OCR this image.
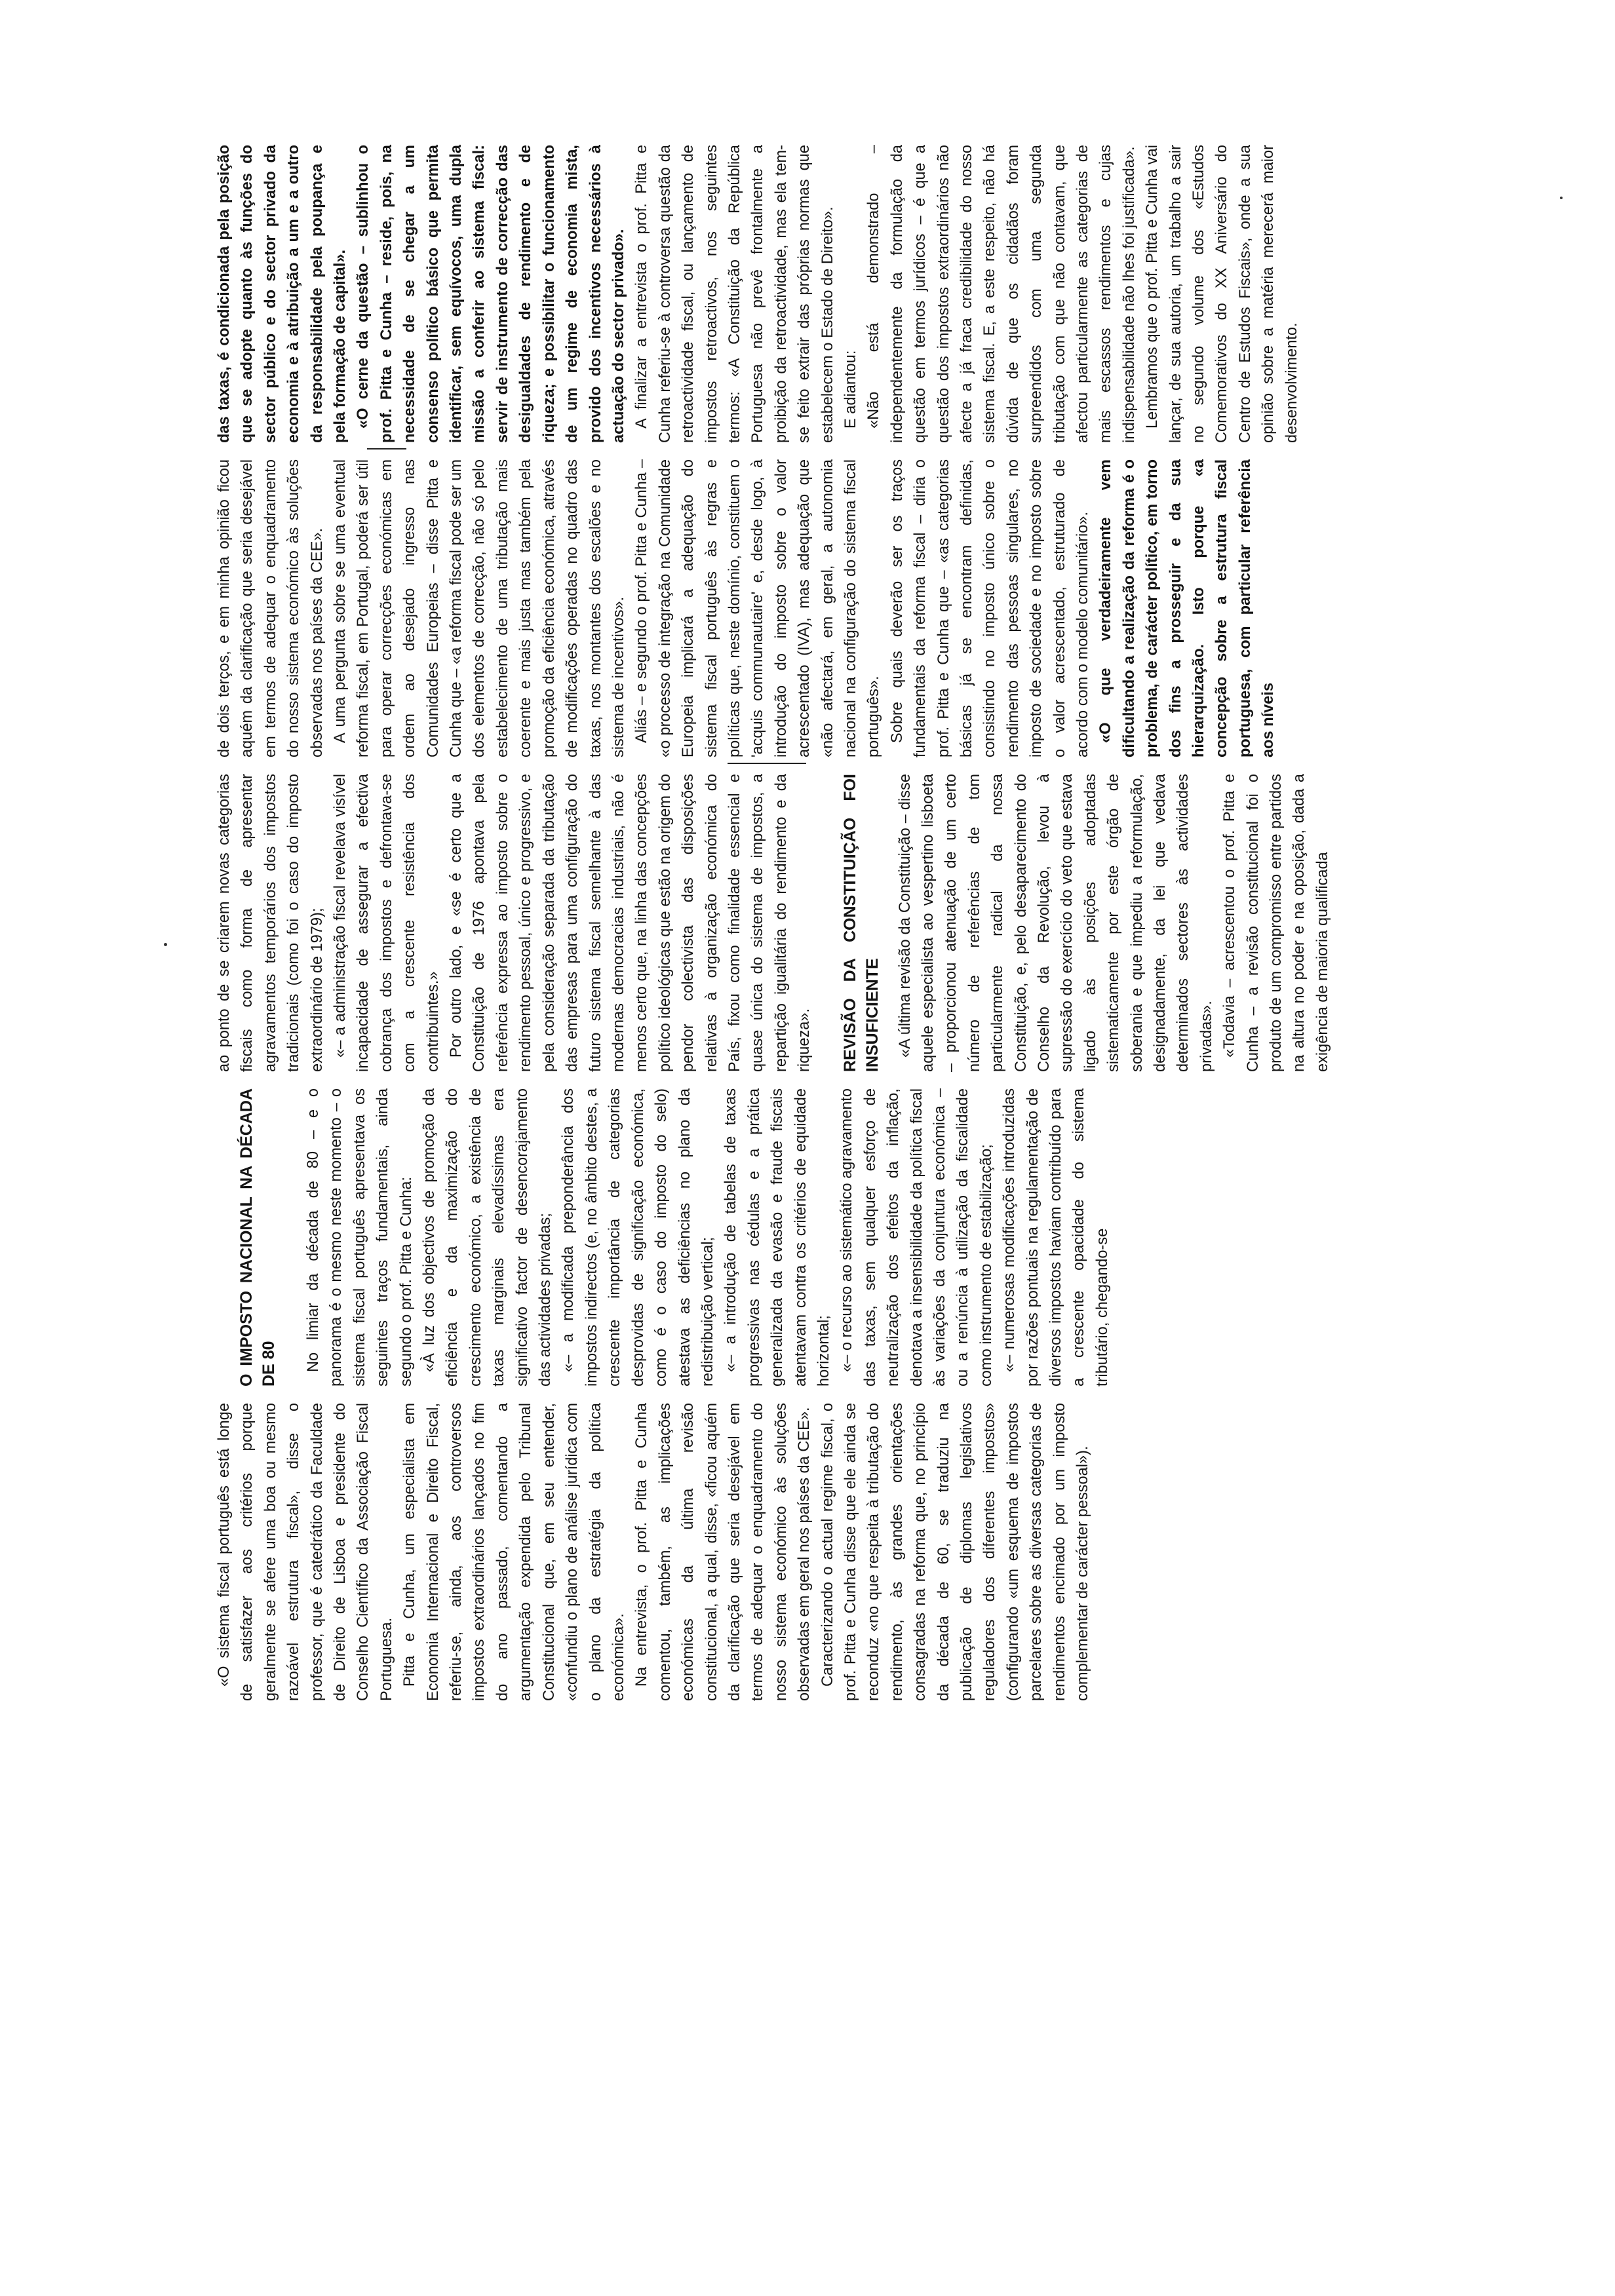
«O sistema fiscal português está longe de satisfazer aos critérios porque geralmente se afere uma boa ou mesmo razoável estrutura fiscal», disse o professor, que é catedrático da Faculdade de Direito de Lisboa e presidente do Conselho Científico da Associação Fiscal Portuguesa. Pitta e Cunha, um especialista em Economia Internacional e Direito Fiscal, referiu-se, ainda, aos controversos impostos extraordinários lançados no fim do ano passado, comentando a argumentação expendida pelo Tribunal Constitucional que, em seu entender, «confundiu o plano de análise jurídica com o plano da estratégia da política económica». Na entrevista, o prof. Pitta e Cunha comentou, também, as implicações económicas da última revisão constitucional, a qual, disse, «ficou aquém da clarificação que seria desejável em termos de adequar o enquadramento do nosso sistema económico às soluções observadas em geral nos países da CEE». Caracterizando o actual regime fiscal, o prof. Pitta e Cunha disse que ele ainda se reconduz «no que respeita à tributação do rendimento, às grandes orientações consagradas na reforma que, no princípio da década de 60, se traduziu na publicação de diplomas legislativos reguladores dos diferentes impostos» (configurando «um esquema de impostos parcelares sobre as diversas categorias de rendimentos encimado por um imposto complementar de carácter pessoal»).

O IMPOSTO NACIONAL NA DÉCADA DE 80 No limiar da década de 80 – e o panorama é o mesmo neste momento – o sistema fiscal português apresentava os seguintes traços fundamentais, ainda segundo o prof. Pitta e Cunha: «À luz dos objectivos de promoção da eficiência e da maximização do crescimento económico, a existência de taxas marginais elevadíssimas era significativo factor de desencorajamento das actividades privadas; «– a modificada preponderância dos impostos indirectos (e, no âmbito destes, a crescente importância de categorias desprovidas de significação económica, como é o caso do imposto do selo) atestava as deficiências no plano da redistribuição vertical; «– a introdução de tabelas de taxas progressivas nas cédulas e a prática generalizada da evasão e fraude fiscais atentavam contra os critérios de equidade horizontal; «– o recurso ao sistemático agravamento das taxas, sem qualquer esforço de neutralização dos efeitos da inflação, denotava a insensibilidade da política fiscal às variações da conjuntura económica – ou a renúncia à utilização da fiscalidade como instrumento de estabilização; «– numerosas modificações introduzidas por razões pontuais na regulamentação de diversos impostos haviam contribuído para a crescente opacidade do sistema tributário, chegando-se

ao ponto de se criarem novas categorias fiscais como forma de apresentar agravamentos temporários dos impostos tradicionais (como foi o caso do imposto extraordinário de 1979); «– a administração fiscal revelava visível incapacidade de assegurar a efectiva cobrança dos impostos e defrontava-se com a crescente resistência dos contribuintes.» Por outro lado, e «se é certo que a Constituição de 1976 apontava pela referência expressa ao imposto sobre o rendimento pessoal, único e progressivo, e pela consideração separada da tributação das empresas para uma configuração do futuro sistema fiscal semelhante à das modernas democracias industriais, não é menos certo que, na linha das concepções político ideológicas que estão na origem do pendor colectivista das disposições relativas à organização económica do País, fixou como finalidade essencial e quase única do sistema de impostos, a repartição igualitária do rendimento e da riqueza». REVISÃO DA CONSTITUIÇÃO FOI INSUFICIENTE «A última revisão da Constituição – disse aquele especialista ao vespertino lisboeta – proporcionou atenuação de um certo número de referências de tom particularmente radical da nossa Constituição, e, pelo desaparecimento do Conselho da Revolução, levou à supressão do exercício do veto que estava ligado às posições adoptadas sistematicamente por este órgão de soberania e que impediu a reformulação, designadamente, da lei que vedava determinados sectores às actividades privadas». «Todavia – acrescentou o prof. Pitta e Cunha – a revisão constitucional foi o produto de um compromisso entre partidos na altura no poder e na oposição, dada a exigência de maioria qualificada

de dois terços, e em minha opinião ficou aquém da clarificação que seria desejável em termos de adequar o enquadramento do nosso sistema económico às soluções observadas nos países da CEE». A uma pergunta sobre se uma eventual reforma fiscal, em Portugal, poderá ser útil para operar correcções económicas em ordem ao desejado ingresso nas Comunidades Europeias – disse Pitta e Cunha que – «a reforma fiscal pode ser um dos elementos de correcção, não só pelo estabelecimento de uma tributação mais coerente e mais justa mas também pela promoção da eficiência económica, através de modificações operadas no quadro das taxas, nos montantes dos escalões e no sistema de incentivos». Aliás – e segundo o prof. Pitta e Cunha – «o processo de integração na Comunidade Europeia implicará a adequação do sistema fiscal português às regras e políticas que, neste domínio, constituem o 'acquis communautaire' e, desde logo, à introdução do imposto sobre o valor acrescentado (IVA), mas adequação que «não afectará, em geral, a autonomia nacional na configuração do sistema fiscal português». Sobre quais deverão ser os traços fundamentais da reforma fiscal – diria o prof. Pitta e Cunha que – «as categorias básicas já se encontram definidas, consistindo no imposto único sobre o rendimento das pessoas singulares, no imposto de sociedade e no imposto sobre o valor acrescentado, estruturado de acordo com o modelo comunitário». «O que verdadeiramente vem dificultando a realização da reforma é o problema, de carácter político, em torno dos fins a prosseguir e da sua hierarquização. Isto porque «a concepção sobre a estrutura fiscal portuguesa, com particular referência aos níveis

das taxas, é condicionada pela posição que se adopte quanto às funções do sector público e do sector privado da economia e à atribuição a um e a outro da responsabilidade pela poupança e pela formação de capital». «O cerne da questão – sublinhou o prof. Pitta e Cunha – reside, pois, na necessidade de se chegar a um consenso político básico que permita identificar, sem equívocos, uma dupla missão a conferir ao sistema fiscal: servir de instrumento de correcção das desigualdades de rendimento e de riqueza; e possibilitar o funcionamento de um regime de economia mista, provido dos incentivos necessários à actuação do sector privado». A finalizar a entrevista o prof. Pitta e Cunha referiu-se à controversa questão da retroactividade fiscal, ou lançamento de impostos retroactivos, nos seguintes termos: «A Constituição da República Portuguesa não prevê frontalmente a proibição da retroactividade, mas ela tem-se feito extrair das próprias normas que estabelecem o Estado de Direito». E adiantou: «Não está demonstrado – independentemente da formulação da questão em termos jurídicos – é que a questão dos impostos extraordinários não afecte a já fraca credibilidade do nosso sistema fiscal. E, a este respeito, não há dúvida de que os cidadãos foram surpreendidos com uma segunda tributação com que não contavam, que afectou particularmente as categorias de mais escassos rendimentos e cujas indispensabilidade não lhes foi justificada». Lembramos que o prof. Pitta e Cunha vai lançar, de sua autoria, um trabalho a sair no segundo volume dos «Estudos Comemorativos do XX Aniversário do Centro de Estudos Fiscais», onde a sua opinião sobre a matéria merecerá maior desenvolvimento.
